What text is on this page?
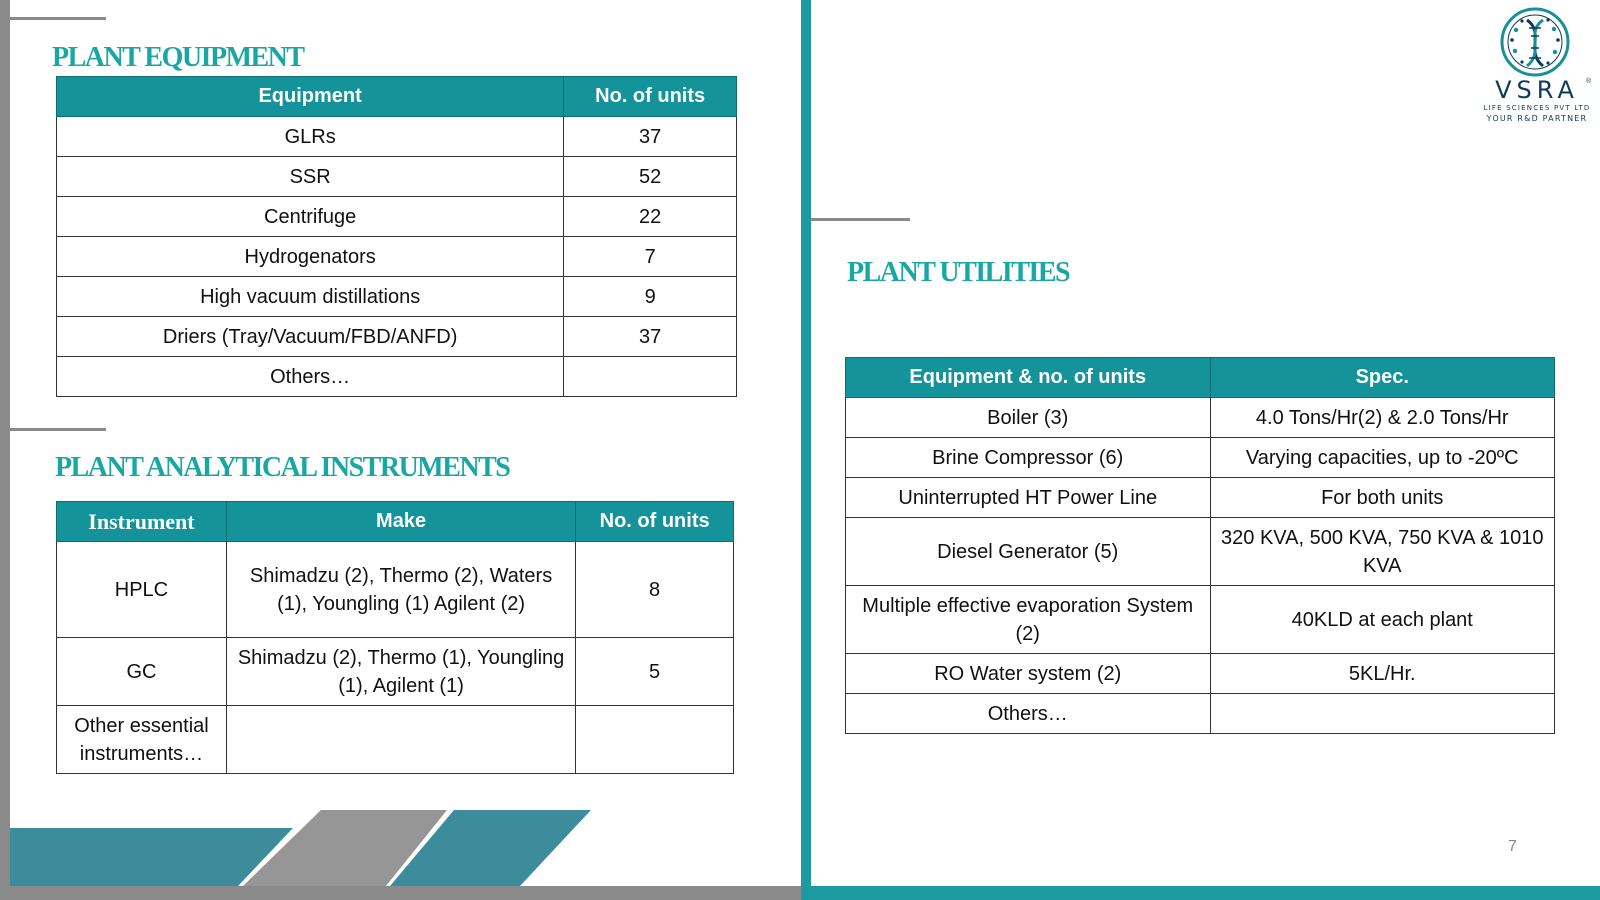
PLANT EQUIPMENT
Equipment	No. of units
GLRs	37
SSR	52
Centrifuge	22
Hydrogenators	7
High vacuum distillations	9
Driers (Tray/Vacuum/FBD/ANFD)	37
Others…	
PLANT ANALYTICAL INSTRUMENTS
Instrument	Make	No. of units
HPLC	Shimadzu (2), Thermo (2), Waters (1), Youngling (1) Agilent (2)	8
GC	Shimadzu (2), Thermo (1), Youngling (1), Agilent (1)	5
Other essential instruments…		
PLANT UTILITIES
Equipment & no. of units	Spec.
Boiler (3)	4.0 Tons/Hr(2) & 2.0 Tons/Hr
Brine Compressor (6)	Varying capacities, up to -20ºC
Uninterrupted HT Power Line	For both units
Diesel Generator (5)	320 KVA, 500 KVA, 750 KVA & 1010 KVA
Multiple effective evaporation System (2)	40KLD at each plant
RO Water system (2)	5KL/Hr.
Others…	
VSRA	®
LIFE SCIENCES PVT LTD
YOUR R&D PARTNER
7
